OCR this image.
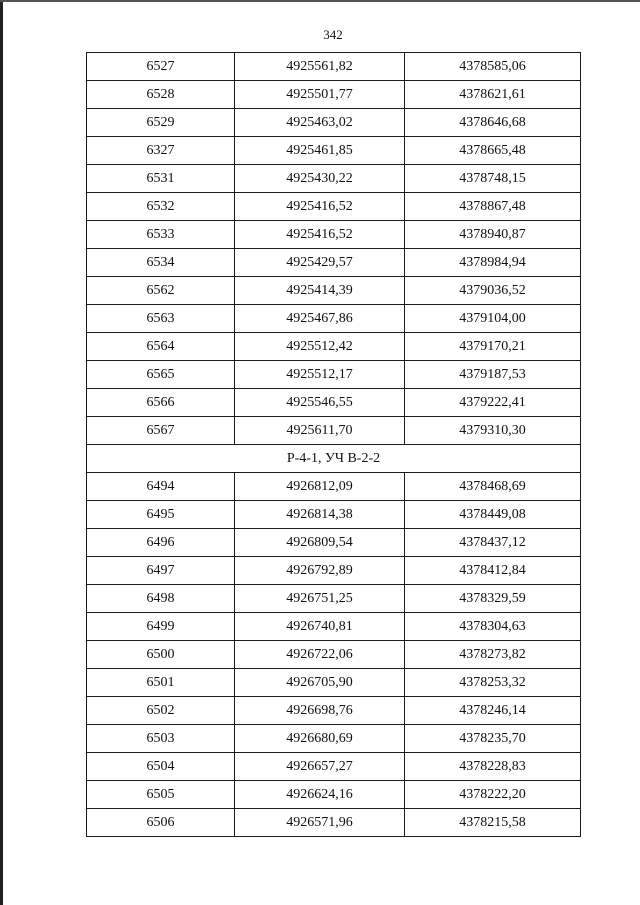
342
6527	4925561,82	4378585,06
6528	4925501,77	4378621,61
6529	4925463,02	4378646,68
6327	4925461,85	4378665,48
6531	4925430,22	4378748,15
6532	4925416,52	4378867,48
6533	4925416,52	4378940,87
6534	4925429,57	4378984,94
6562	4925414,39	4379036,52
6563	4925467,86	4379104,00
6564	4925512,42	4379170,21
6565	4925512,17	4379187,53
6566	4925546,55	4379222,41
6567	4925611,70	4379310,30
Р-4-1, УЧ В-2-2		
6494	4926812,09	4378468,69
6495	4926814,38	4378449,08
6496	4926809,54	4378437,12
6497	4926792,89	4378412,84
6498	4926751,25	4378329,59
6499	4926740,81	4378304,63
6500	4926722,06	4378273,82
6501	4926705,90	4378253,32
6502	4926698,76	4378246,14
6503	4926680,69	4378235,70
6504	4926657,27	4378228,83
6505	4926624,16	4378222,20
6506	4926571,96	4378215,58
